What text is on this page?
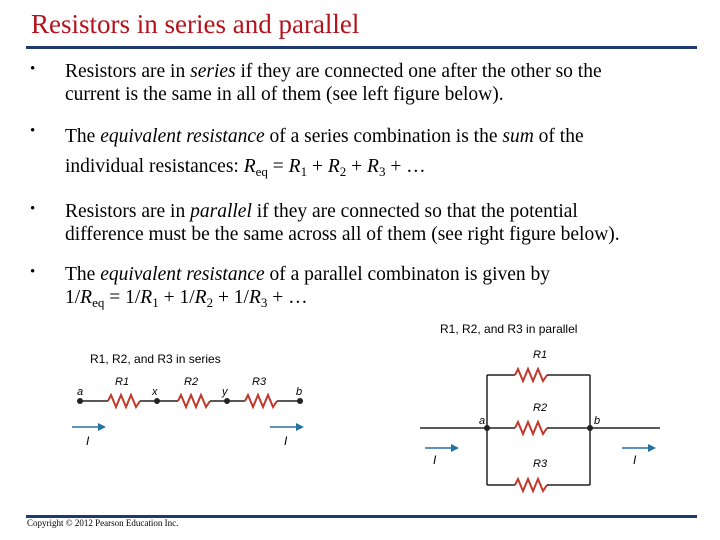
Resistors in series and parallel
• Resistors are in series if they are connected one after the other so the
current is the same in all of them (see left figure below).
• The equivalent resistance of a series combination is the sum of the
individual resistances: $R_{eq} = R_1 + R_2 + R_3$ + …
• Resistors are in parallel if they are connected so that the potential
difference must be the same across all of them (see right figure below).
• The equivalent resistance of a parallel combinaton is given by
$1/R_{eq} = 1/R_1 + 1/R_2 + 1/R_3$ + …
R1, R2, and R3 in series
a	x	y	b
R1	R2	R3
I	I
R1, R2, and R3 in parallel
a	b
R1
R2
R3
I	I
Copyright © 2012 Pearson Education Inc.
